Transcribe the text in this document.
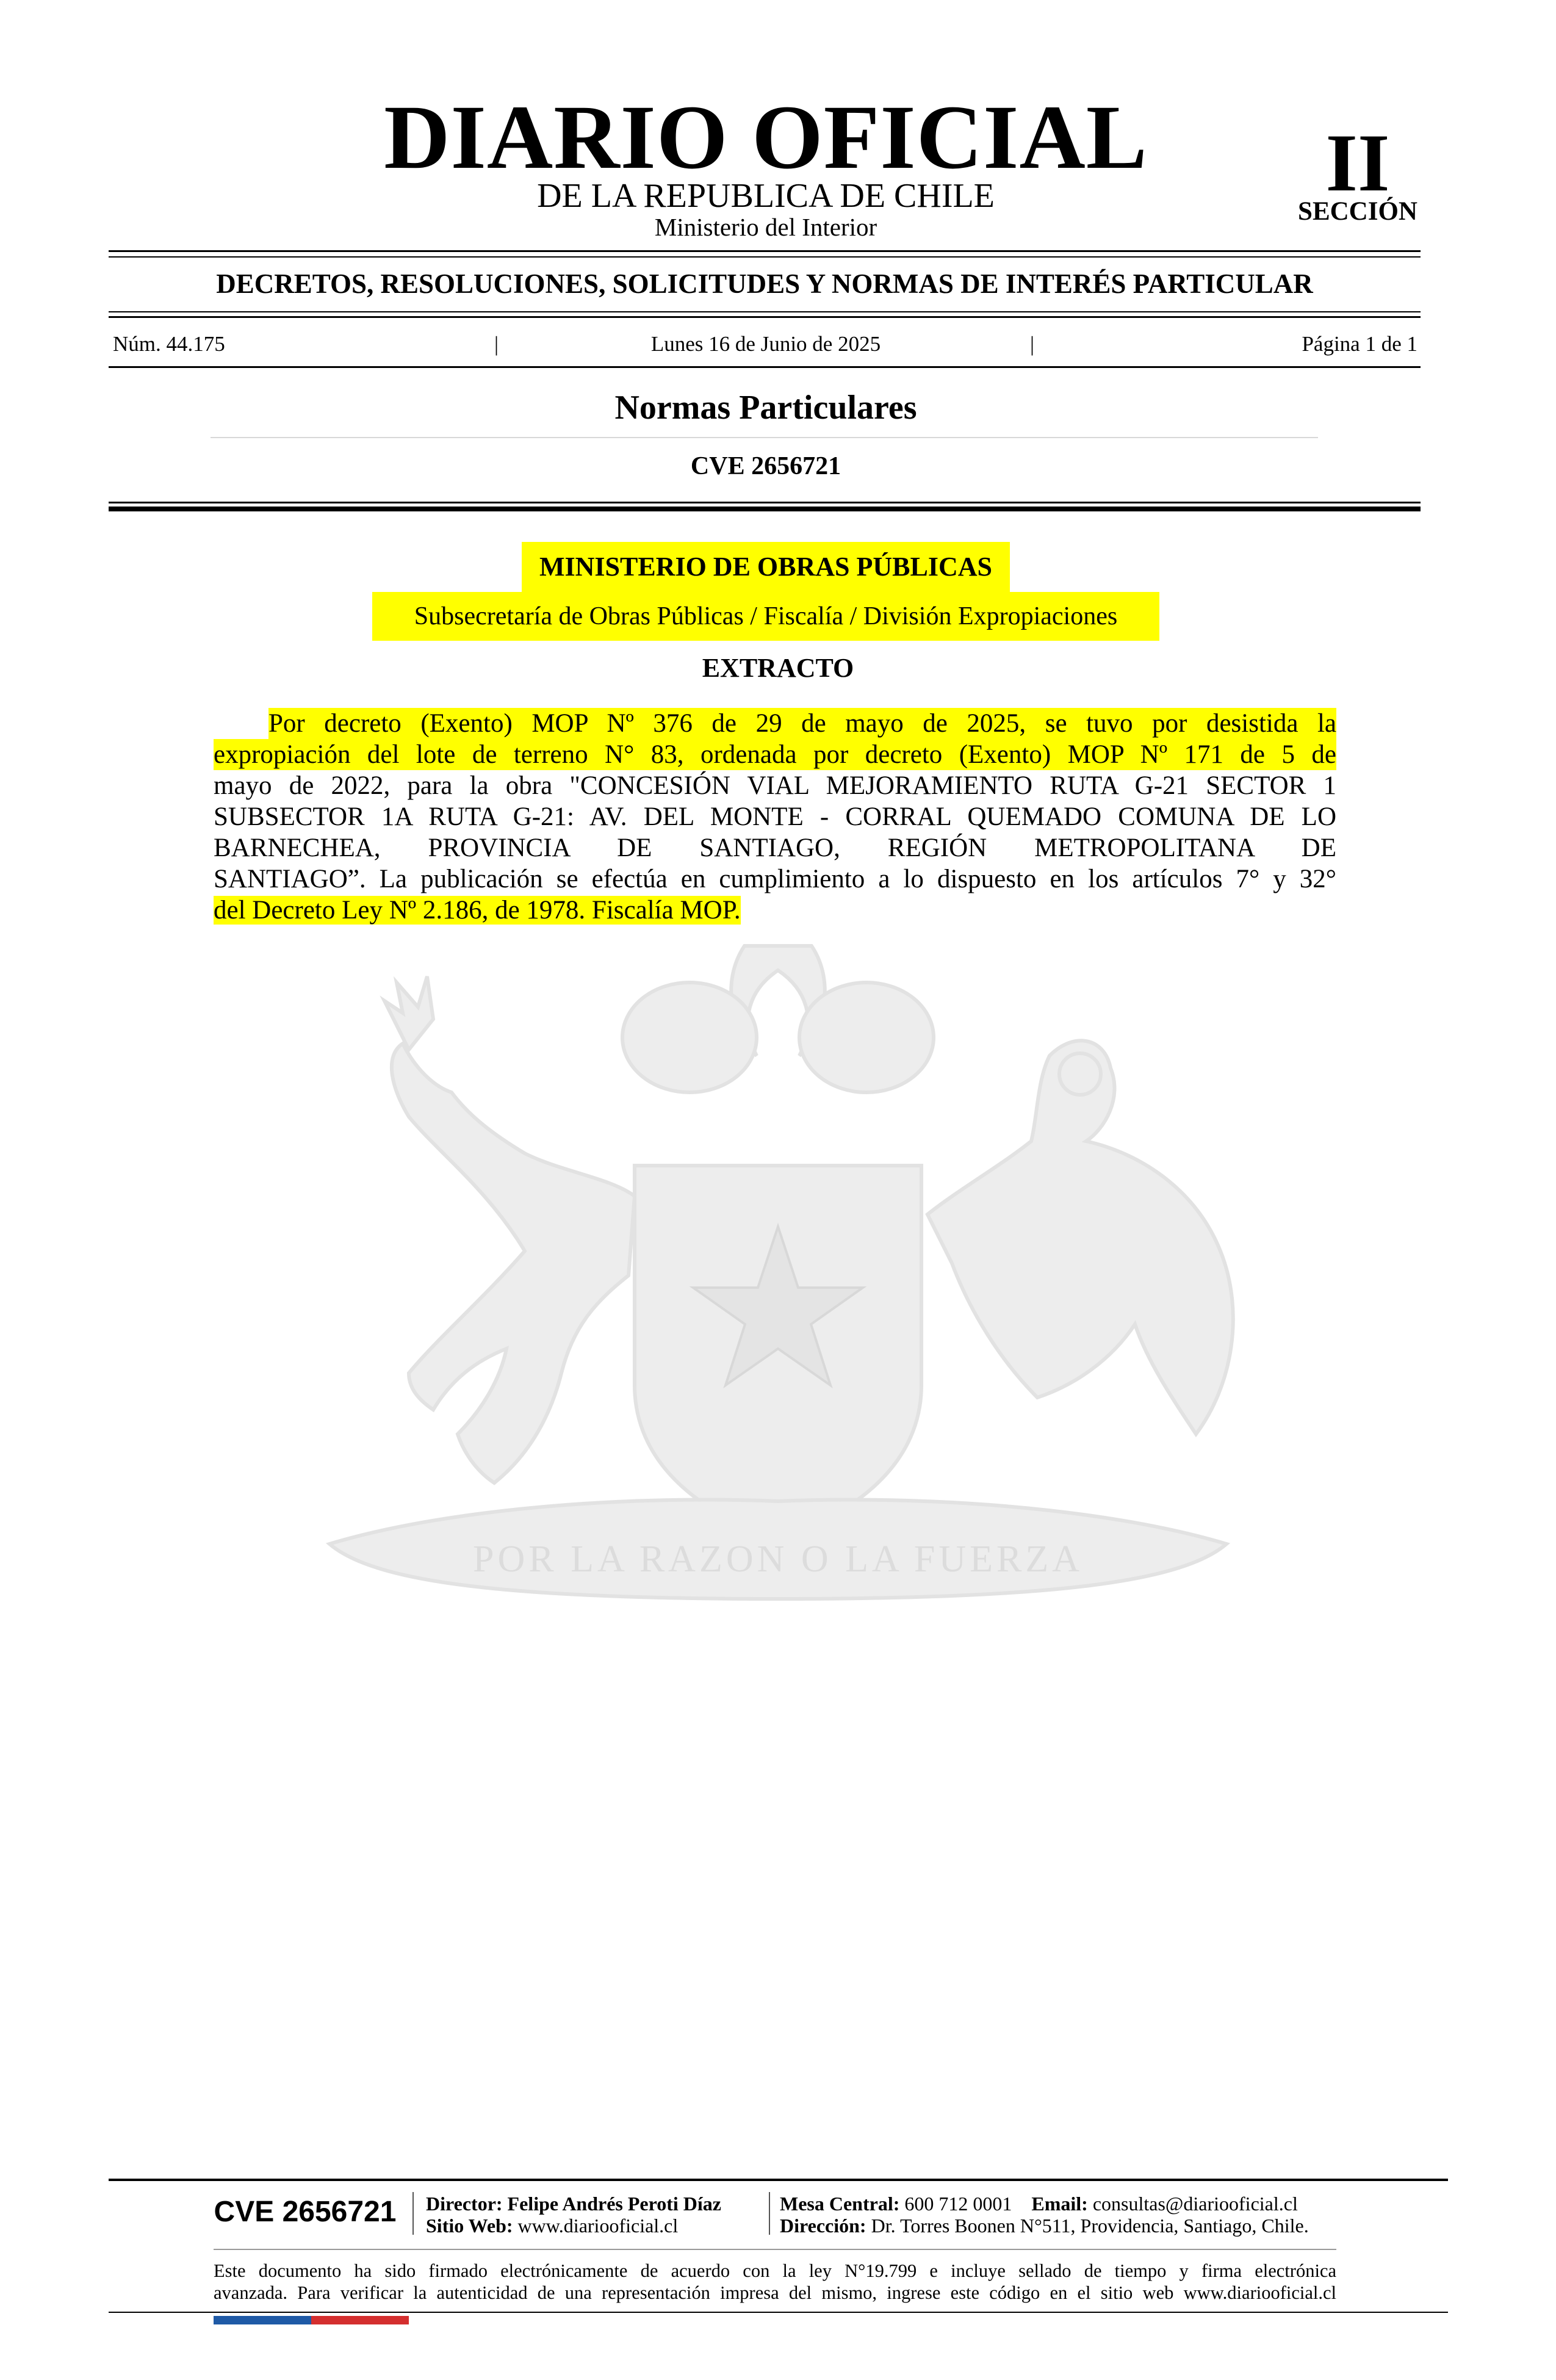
DIARIO OFICIAL
DE LA REPUBLICA DE CHILE
Ministerio del Interior
II
SECCIÓN
DECRETOS, RESOLUCIONES, SOLICITUDES Y NORMAS DE INTERÉS PARTICULAR
Núm. 44.175	|	Lunes 16 de Junio de 2025	|	Página 1 de 1
Normas Particulares
CVE 2656721
POR LA RAZON O LA FUERZA
MINISTERIO DE OBRAS PÚBLICAS
Subsecretaría de Obras Públicas / Fiscalía / División Expropiaciones
EXTRACTO
Por decreto (Exento) MOP Nº 376 de 29 de mayo de 2025, se tuvo por desistida la
expropiación del lote de terreno N° 83, ordenada por decreto (Exento) MOP Nº 171 de 5 de
mayo de 2022, para la obra "CONCESIÓN VIAL MEJORAMIENTO RUTA G-21 SECTOR 1
SUBSECTOR 1A RUTA G-21: AV. DEL MONTE - CORRAL QUEMADO COMUNA DE LO
BARNECHEA, PROVINCIA DE SANTIAGO, REGIÓN METROPOLITANA DE
SANTIAGO”. La publicación se efectúa en cumplimiento a lo dispuesto en los artículos 7° y 32°
del Decreto Ley Nº 2.186, de 1978. Fiscalía MOP.
CVE 2656721	Director: Felipe Andrés Peroti Díaz
Sitio Web: www.diariooficial.cl
Mesa Central: 600 712 0001 Email: consultas@diariooficial.cl
Dirección: Dr. Torres Boonen N°511, Providencia, Santiago, Chile.
Este documento ha sido firmado electrónicamente de acuerdo con la ley N°19.799 e incluye sellado de tiempo y firma electrónica
avanzada. Para verificar la autenticidad de una representación impresa del mismo, ingrese este código en el sitio web www.diariooficial.cl
